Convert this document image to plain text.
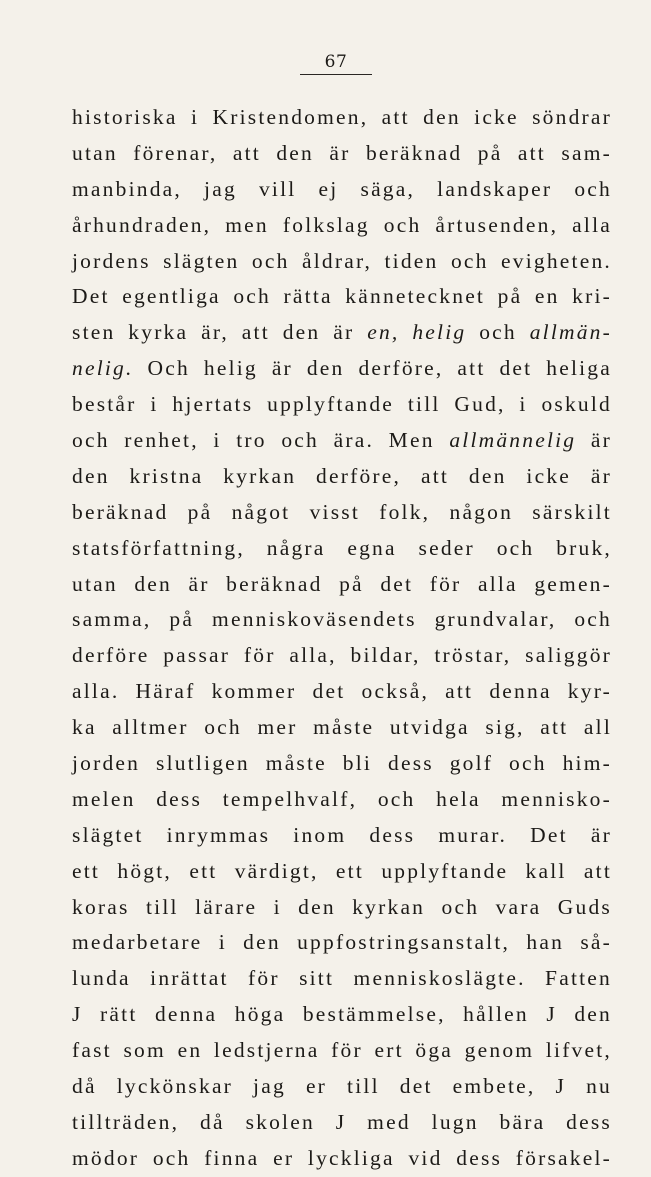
67
historiska i Kristendomen, att den icke söndrar
utan förenar, att den är beräknad på att sam-
manbinda, jag vill ej säga, landskaper och
århundraden, men folkslag och årtusenden, alla
jordens slägten och åldrar, tiden och evigheten.
Det egentliga och rätta kännetecknet på en kri-
sten kyrka är, att den är en, helig och allmän-
nelig. Och helig är den derföre, att det heliga
består i hjertats upplyftande till Gud, i oskuld
och renhet, i tro och ära. Men allmännelig är
den kristna kyrkan derföre, att den icke är
beräknad på något visst folk, någon särskilt
statsförfattning, några egna seder och bruk,
utan den är beräknad på det för alla gemen-
samma, på menniskoväsendets grundvalar, och
derföre passar för alla, bildar, tröstar, saliggör
alla. Häraf kommer det också, att denna kyr-
ka alltmer och mer måste utvidga sig, att all
jorden slutligen måste bli dess golf och him-
melen dess tempelhvalf, och hela mennisko-
slägtet inrymmas inom dess murar. Det är
ett högt, ett värdigt, ett upplyftande kall att
koras till lärare i den kyrkan och vara Guds
medarbetare i den uppfostringsanstalt, han så-
lunda inrättat för sitt menniskoslägte. Fatten
J rätt denna höga bestämmelse, hållen J den
fast som en ledstjerna för ert öga genom lifvet,
då lyckönskar jag er till det embete, J nu
tillträden, då skolen J med lugn bära dess
mödor och finna er lyckliga vid dess försakel-
